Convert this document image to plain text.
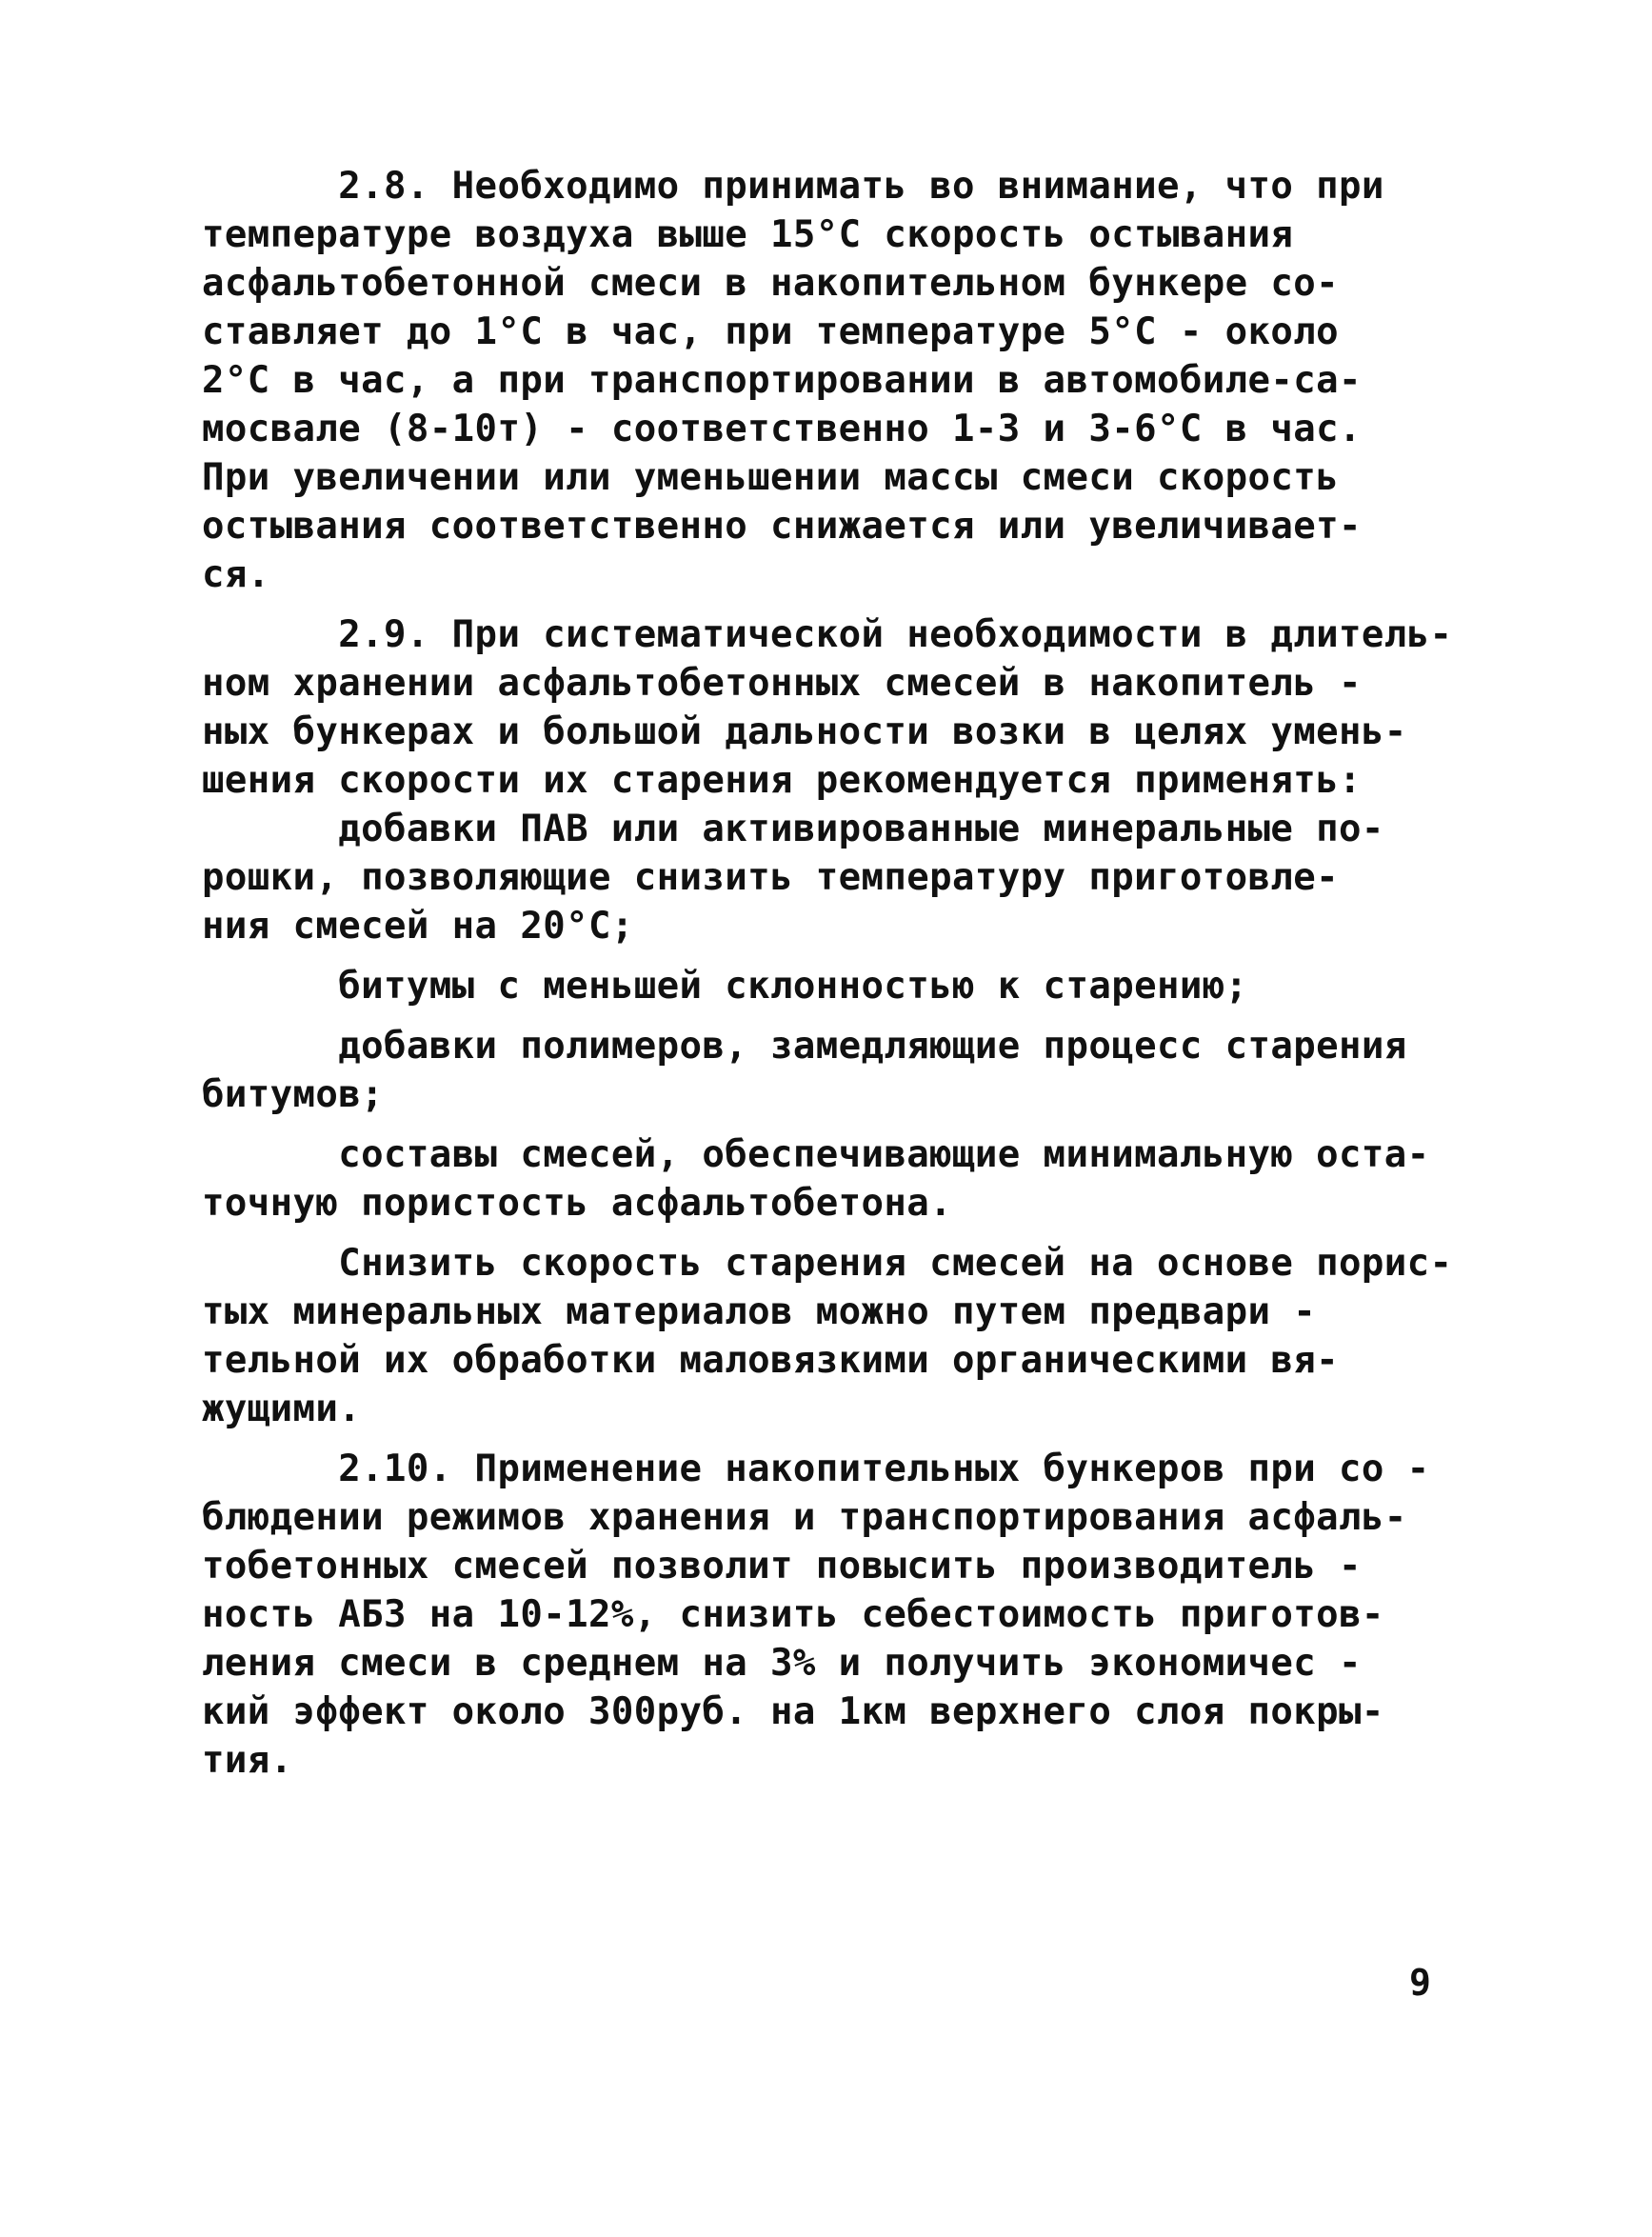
2.8. Необходимо принимать во внимание, что при
температуре воздуха выше 15°С скорость остывания
асфальтобетонной смеси в накопительном бункере со-
ставляет до 1°С в час, при температуре 5°С - около
2°С в час, а при транспортировании в автомобиле-са-
мосвале (8-10т) - соответственно 1-3 и 3-6°С в час.
При увеличении или уменьшении массы смеси скорость
остывания соответственно снижается или увеличивает-
ся.
2.9. При систематической необходимости в длитель-
ном хранении асфальтобетонных смесей в накопитель -
ных бункерах и большой дальности возки в целях умень-
шения скорости их старения рекомендуется применять:
добавки ПАВ или активированные минеральные по-
рошки, позволяющие снизить температуру приготовле-
ния смесей на 20°С;
битумы с меньшей склонностью к старению;
добавки полимеров, замедляющие процесс старения
битумов;
составы смесей, обеспечивающие минимальную оста-
точную пористость асфальтобетона.
Снизить скорость старения смесей на основе порис-
тых минеральных материалов можно путем предвари -
тельной их обработки маловязкими органическими вя-
жущими.
2.10. Применение накопительных бункеров при со -
блюдении режимов хранения и транспортирования асфаль-
тобетонных смесей позволит повысить производитель -
ность АБЗ на 10-12%, снизить себестоимость приготов-
ления смеси в среднем на 3% и получить экономичес -
кий эффект около 300руб. на 1км верхнего слоя покры-
тия.
9
